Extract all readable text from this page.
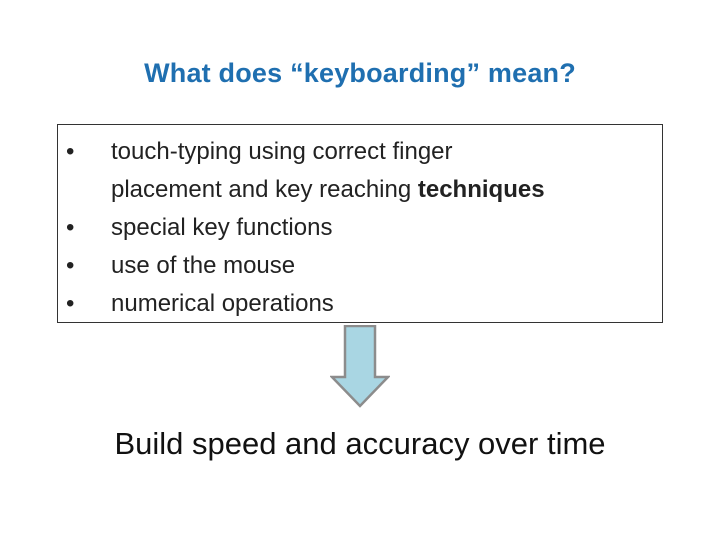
What does “keyboarding” mean?
• touch-typing using correct finger
placement and key reaching techniques
• special key functions
• use of the mouse
• numerical operations
Build speed and accuracy over time
